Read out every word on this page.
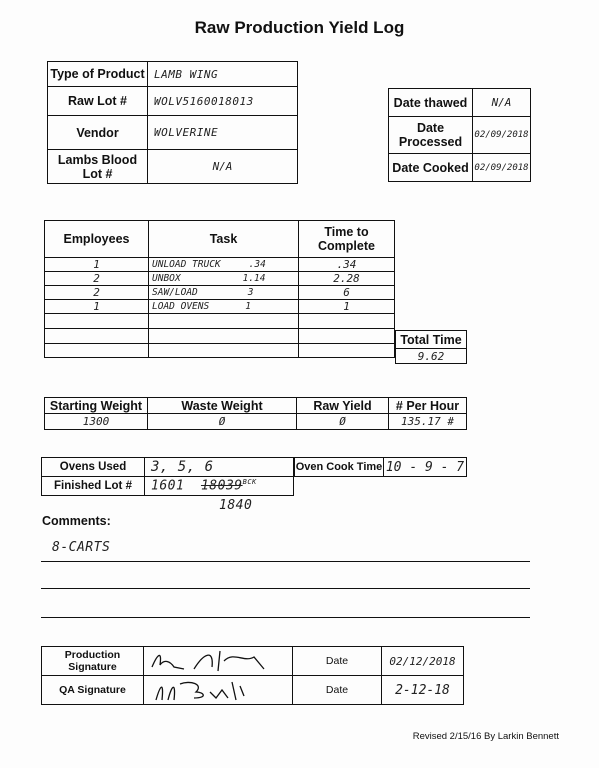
Raw Production Yield Log
Type of Product	LAMB WING
Raw Lot #	WOLV5160018013
Vendor	WOLVERINE
Lambs Blood Lot #	N/A
Date thawed	N/A
Date Processed	02/09/2018
Date Cooked	02/09/2018
Employees	Task	Time to Complete
1	UNLOAD TRUCK .34	.34
2	UNBOX 1.14	2.28
2	SAW/LOAD 3	6
1	LOAD OVENS 1	1

Total Time
9.62
Starting Weight	Waste Weight	Raw Yield	# Per Hour
1300	Ø	Ø	135.17 #
Ovens Used	3, 5, 6
Finished Lot #	1601 $18039^{BCK}$
1840
Oven Cook Time	10 - 9 - 7
Comments:
8-CARTS
Production Signature		Date	02/12/2018
QA Signature		Date	2-12-18
Revised 2/15/16 By Larkin Bennett
